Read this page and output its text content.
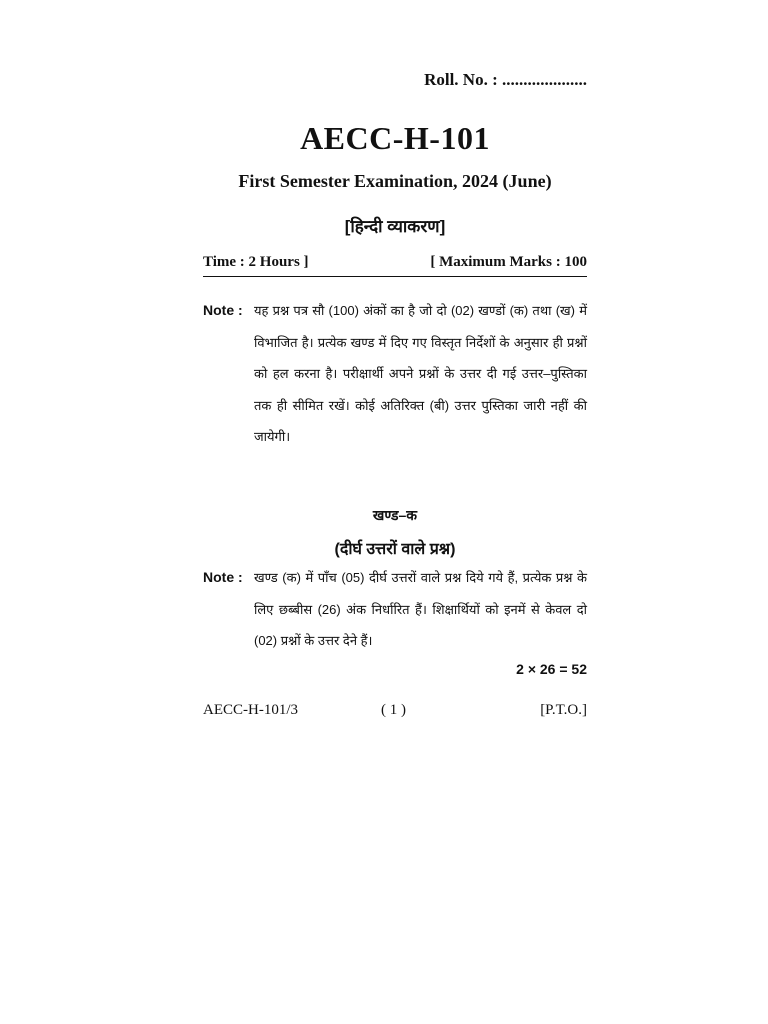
Roll. No. : ....................
AECC-H-101
First Semester Examination, 2024 (June)
[हिन्दी व्याकरण]
Time : 2 Hours ]	[ Maximum Marks : 100
Note : यह प्रश्न पत्र सौ (100) अंकों का है जो दो (02) खण्डों (क) तथा (ख) में विभाजित है। प्रत्येक खण्ड में दिए गए विस्तृत निर्देशों के अनुसार ही प्रश्नों को हल करना है। परीक्षार्थी अपने प्रश्नों के उत्तर दी गई उत्तर–पुस्तिका तक ही सीमित रखें। कोई अतिरिक्त (बी) उत्तर पुस्तिका जारी नहीं की जायेगी।
खण्ड–क
(दीर्घ उत्तरों वाले प्रश्न)
Note : खण्ड (क) में पाँच (05) दीर्घ उत्तरों वाले प्रश्न दिये गये हैं, प्रत्येक प्रश्न के लिए छब्बीस (26) अंक निर्धारित हैं। शिक्षार्थियों को इनमें से केवल दो (02) प्रश्नों के उत्तर देने हैं।
2 × 26 = 52
AECC-H-101/3	( 1 )	[P.T.O.]
